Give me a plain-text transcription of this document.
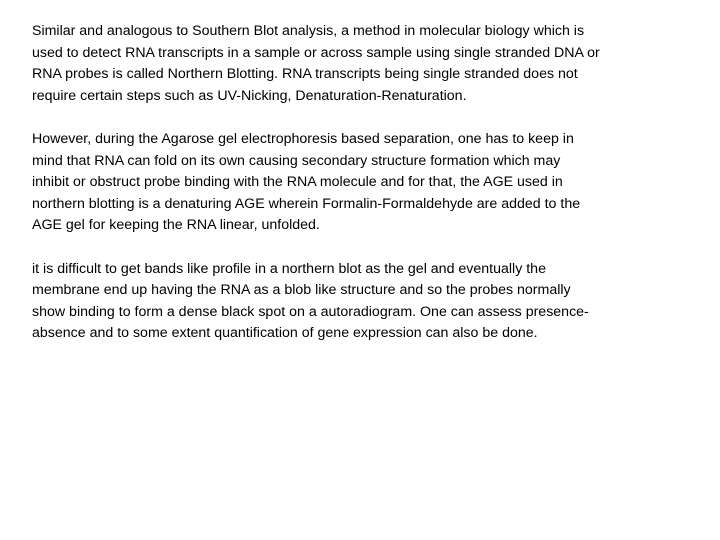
Similar and analogous to Southern Blot analysis, a method in molecular biology which is
used to detect RNA transcripts in a sample or across sample using single stranded DNA or
RNA probes is called Northern Blotting. RNA transcripts being single stranded does not
require certain steps such as UV-Nicking, Denaturation-Renaturation.

However, during the Agarose gel electrophoresis based separation, one has to keep in
mind that RNA can fold on its own causing secondary structure formation which may
inhibit or obstruct probe binding with the RNA molecule and for that, the AGE used in
northern blotting is a denaturing AGE wherein Formalin-Formaldehyde are added to the
AGE gel for keeping the RNA linear, unfolded.

it is difficult to get bands like profile in a northern blot as the gel and eventually the
membrane end up having the RNA as a blob like structure and so the probes normally
show binding to form a dense black spot on a autoradiogram. One can assess presence-
absence and to some extent quantification of gene expression can also be done.
